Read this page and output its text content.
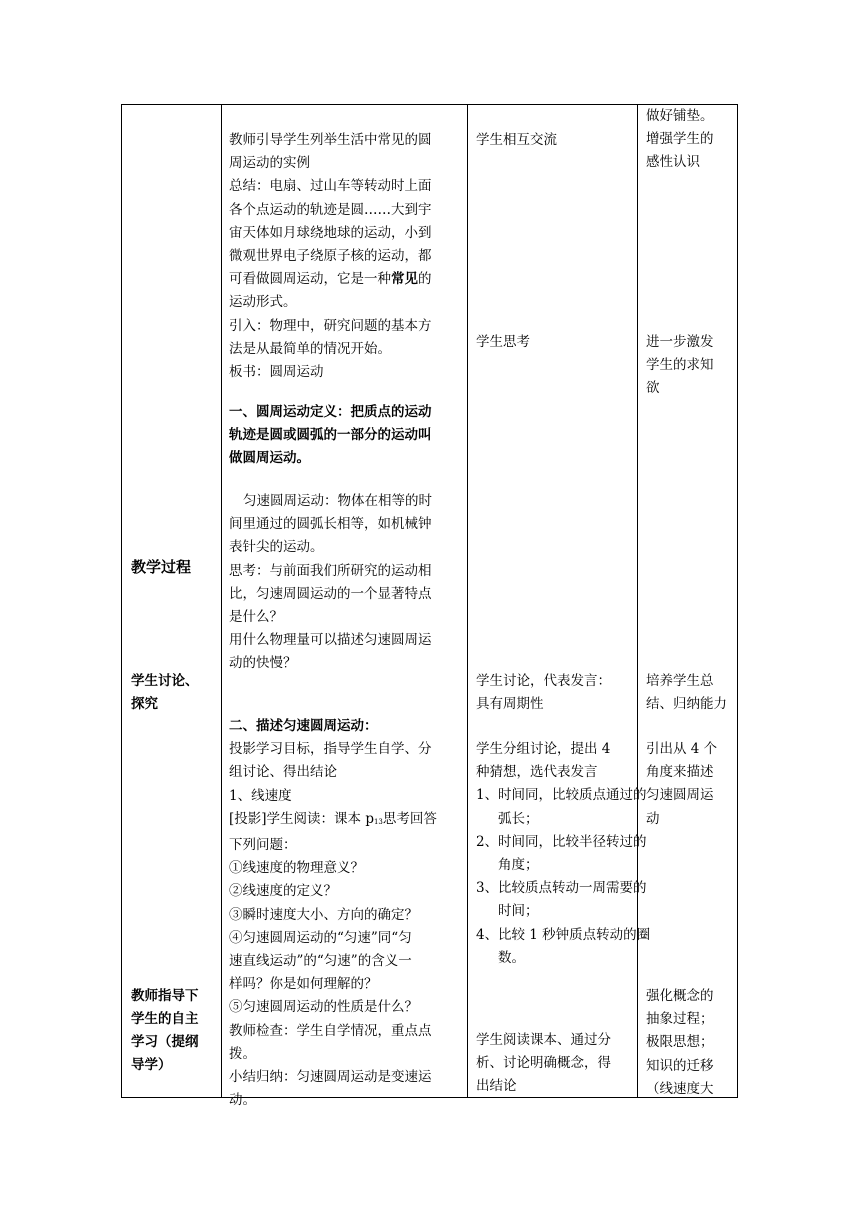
教学过程
学生讨论、
探究
教师指导下
学生的自主
学习（提纲
导学）

教师引导学生列举生活中常见的圆

周运动的实例

总结：电扇、过山车等转动时上面

各个点运动的轨迹是圆……大到宇

宙天体如月球绕地球的运动，小到

微观世界电子绕原子核的运动，都

可看做圆周运动，它是一种常见的

运动形式。

引入：物理中，研究问题的基本方

法是从最简单的情况开始。

板书：圆周运动

一、圆周运动定义：把质点的运动

轨迹是圆或圆弧的一部分的运动叫

做圆周运动。

匀速圆周运动：物体在相等的时

间里通过的圆弧长相等，如机械钟

表针尖的运动。

思考：与前面我们所研究的运动相

比，匀速周圆运动的一个显著特点

是什么？

用什么物理量可以描述匀速圆周运

动的快慢？

二、描述匀速圆周运动：

投影学习目标，指导学生自学、分

组讨论、得出结论

1、线速度

[投影]学生阅读：课本 $p_{13}$思考回答

下列问题：

①线速度的物理意义？

②线速度的定义？

③瞬时速度大小、方向的确定？

④匀速圆周运动的“匀速”同“匀

速直线运动”的“匀速”的含义一

样吗？你是如何理解的？

⑤匀速圆周运动的性质是什么？

教师检查：学生自学情况，重点点

拨。

小结归纳：匀速圆周运动是变速运

动。

学生相互交流

学生思考

学生讨论，代表发言：

具有周期性

学生分组讨论，提出 4

种猜想，选代表发言

1、时间同，比较质点通过的弧长；

2、时间同，比较半径转过的角度；

3、比较质点转动一周需要的时间；

4、比较 1 秒钟质点转动的圈数。

学生阅读课本、通过分

析、讨论明确概念，得

出结论

做好铺垫。

增强学生的

感性认识

进一步激发

学生的求知

欲

培养学生总

结、归纳能力

引出从 4 个

角度来描述

匀速圆周运

动

强化概念的

抽象过程；

极限思想；

知识的迁移

（线速度大
